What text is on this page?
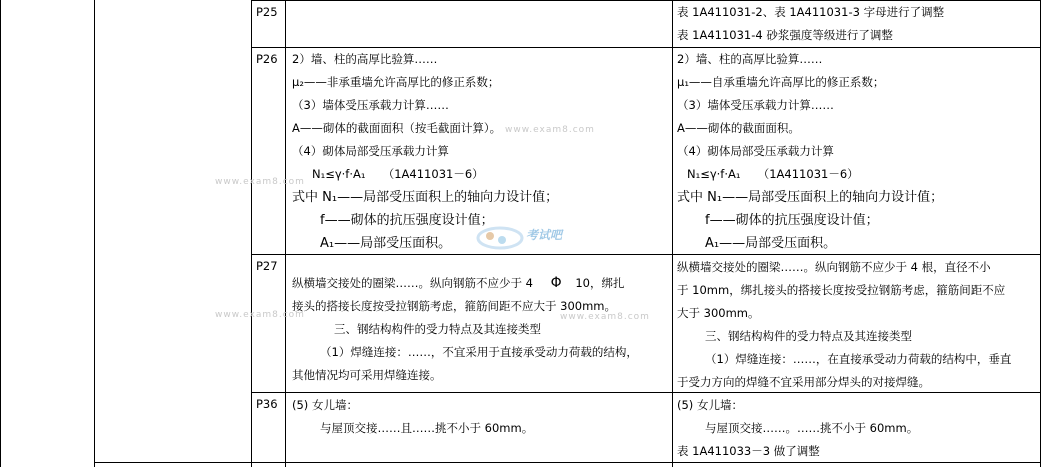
P25
P26
P27
P36
表 1A411031-2、表 1A411031-3 字母进行了调整
表 1A411031-4 砂浆强度等级进行了调整
2）墙、柱的高厚比验算……
μ₂——非承重墙允许高厚比的修正系数；
（3）墙体受压承载力计算……
A——砌体的截面面积（按毛截面计算）。
（4）砌体局部受压承载力计算
N₁≤γ·f·A₁　　（1A411031－6）
式中 N₁——局部受压面积上的轴向力设计值；
f——砌体的抗压强度设计值；
A₁——局部受压面积。
2）墙、柱的高厚比验算……
μ₁——自承重墙允许高厚比的修正系数；
（3）墙体受压承载力计算……
A——砌体的截面面积。
（4）砌体局部受压承载力计算
N₁≤γ·f·A₁　　（1A411031－6）
式中 N₁——局部受压面积上的轴向力设计值；
f——砌体的抗压强度设计值；
A₁——局部受压面积。
纵横墙交接处的圈梁……。纵向钢筋不应少于 4 Φ 10，绑扎
接头的搭接长度按受拉钢筋考虑，箍筋间距不应大于 300mm。
三、钢结构构件的受力特点及其连接类型
（1）焊缝连接：……，不宜采用于直接承受动力荷载的结构，
其他情况均可采用焊缝连接。
纵横墙交接处的圈梁……。纵向钢筋不应少于 4 根，直径不小
于 10mm，绑扎接头的搭接长度按受拉钢筋考虑，箍筋间距不应
大于 300mm。
三、钢结构构件的受力特点及其连接类型
（1）焊缝连接：……，在直接承受动力荷载的结构中，垂直
于受力方向的焊缝不宜采用部分焊头的对接焊缝。
(5) 女儿墙：
与屋顶交接……且……挑不小于 60mm。
(5) 女儿墙：
与屋顶交接……。……挑不小于 60mm。
表 1A411033－3 做了调整
www.exam8.com
www.exam8.com
www.exam8.com
www.exam8.com
考试吧
